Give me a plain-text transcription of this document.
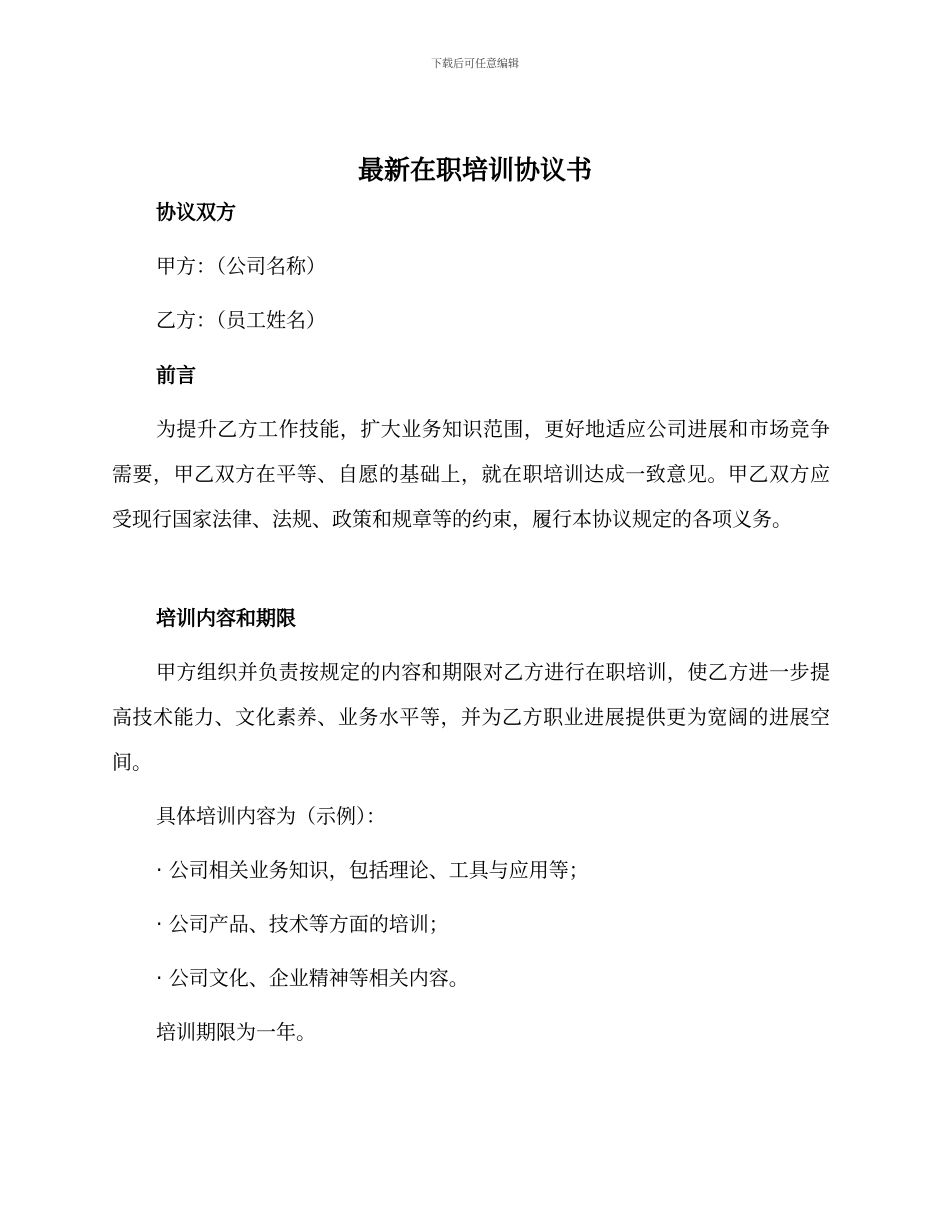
下载后可任意编辑
最新在职培训协议书
协议双方
甲方：（公司名称）
乙方：（员工姓名）
前言
为提升乙方工作技能，扩大业务知识范围，更好地适应公司进展和市场竞争需要，甲乙双方在平等、自愿的基础上，就在职培训达成一致意见。甲乙双方应受现行国家法律、法规、政策和规章等的约束，履行本协议规定的各项义务。
培训内容和期限
甲方组织并负责按规定的内容和期限对乙方进行在职培训，使乙方进一步提高技术能力、文化素养、业务水平等，并为乙方职业进展提供更为宽阔的进展空间。
具体培训内容为（示例）：
· 公司相关业务知识，包括理论、工具与应用等；
· 公司产品、技术等方面的培训；
· 公司文化、企业精神等相关内容。
培训期限为一年。
